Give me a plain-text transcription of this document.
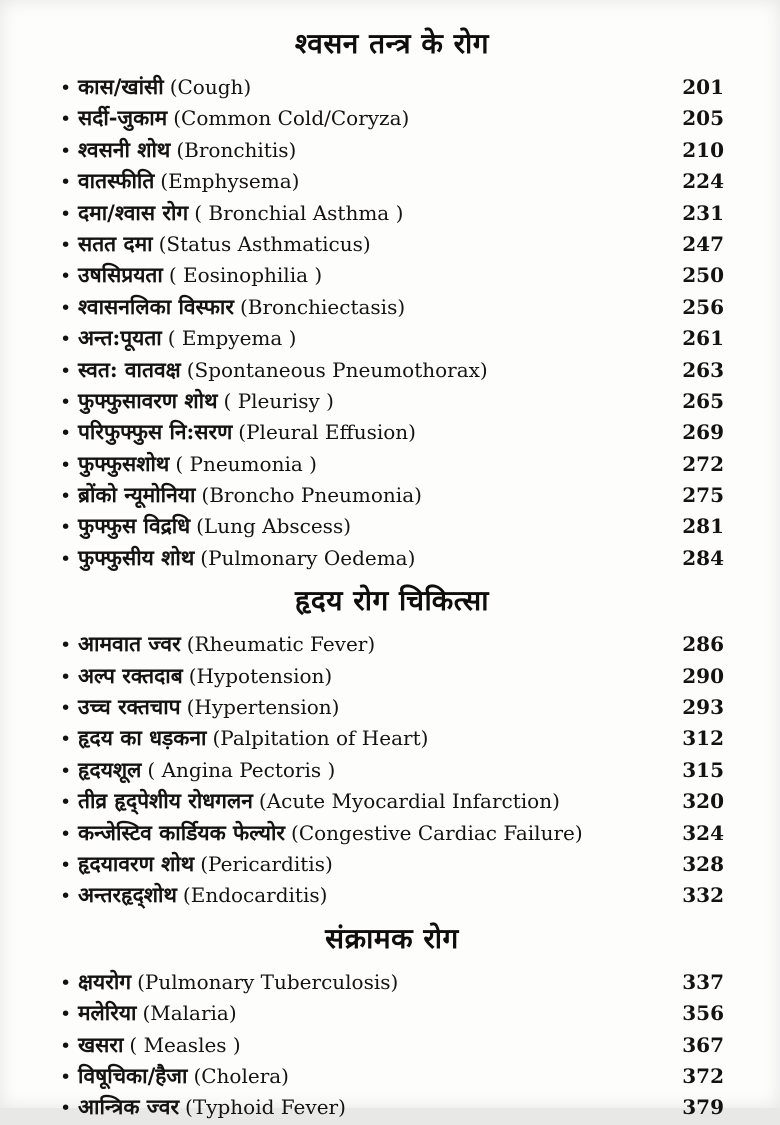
श्वसन तन्त्र के रोग
• कास/खांसी (Cough)	201
• सर्दी-जुकाम (Common Cold/Coryza)	205
• श्वसनी शोथ (Bronchitis)	210
• वातस्फीति (Emphysema)	224
• दमा/श्वास रोग ( Bronchial Asthma )	231
• सतत दमा (Status Asthmaticus)	247
• उषसिप्रयता ( Eosinophilia )	250
• श्वासनलिका विस्फार (Bronchiectasis)	256
• अन्त:पूयता ( Empyema )	261
• स्वत: वातवक्ष (Spontaneous Pneumothorax)	263
• फुफ्फुसावरण शोथ ( Pleurisy )	265
• परिफुफ्फुस नि:सरण (Pleural Effusion)	269
• फुफ्फुसशोथ ( Pneumonia )	272
• ब्रोंको न्यूमोनिया (Broncho Pneumonia)	275
• फुफ्फुस विद्रधि (Lung Abscess)	281
• फुफ्फुसीय शोथ (Pulmonary Oedema)	284
हृदय रोग चिकित्सा
• आमवात ज्वर (Rheumatic Fever)	286
• अल्प रक्तदाब (Hypotension)	290
• उच्च रक्तचाप (Hypertension)	293
• हृदय का धड़कना (Palpitation of Heart)	312
• हृदयशूल ( Angina Pectoris )	315
• तीव्र हृद्पेशीय रोधगलन (Acute Myocardial Infarction)	320
• कन्जेस्टिव कार्डियक फेल्योर (Congestive Cardiac Failure)	324
• हृदयावरण शोथ (Pericarditis)	328
• अन्तरहृद्शोथ (Endocarditis)	332
संक्रामक रोग
• क्षयरोग (Pulmonary Tuberculosis)	337
• मलेरिया (Malaria)	356
• खसरा ( Measles )	367
• विषूचिका/हैजा (Cholera)	372
• आन्त्रिक ज्वर (Typhoid Fever)	379
